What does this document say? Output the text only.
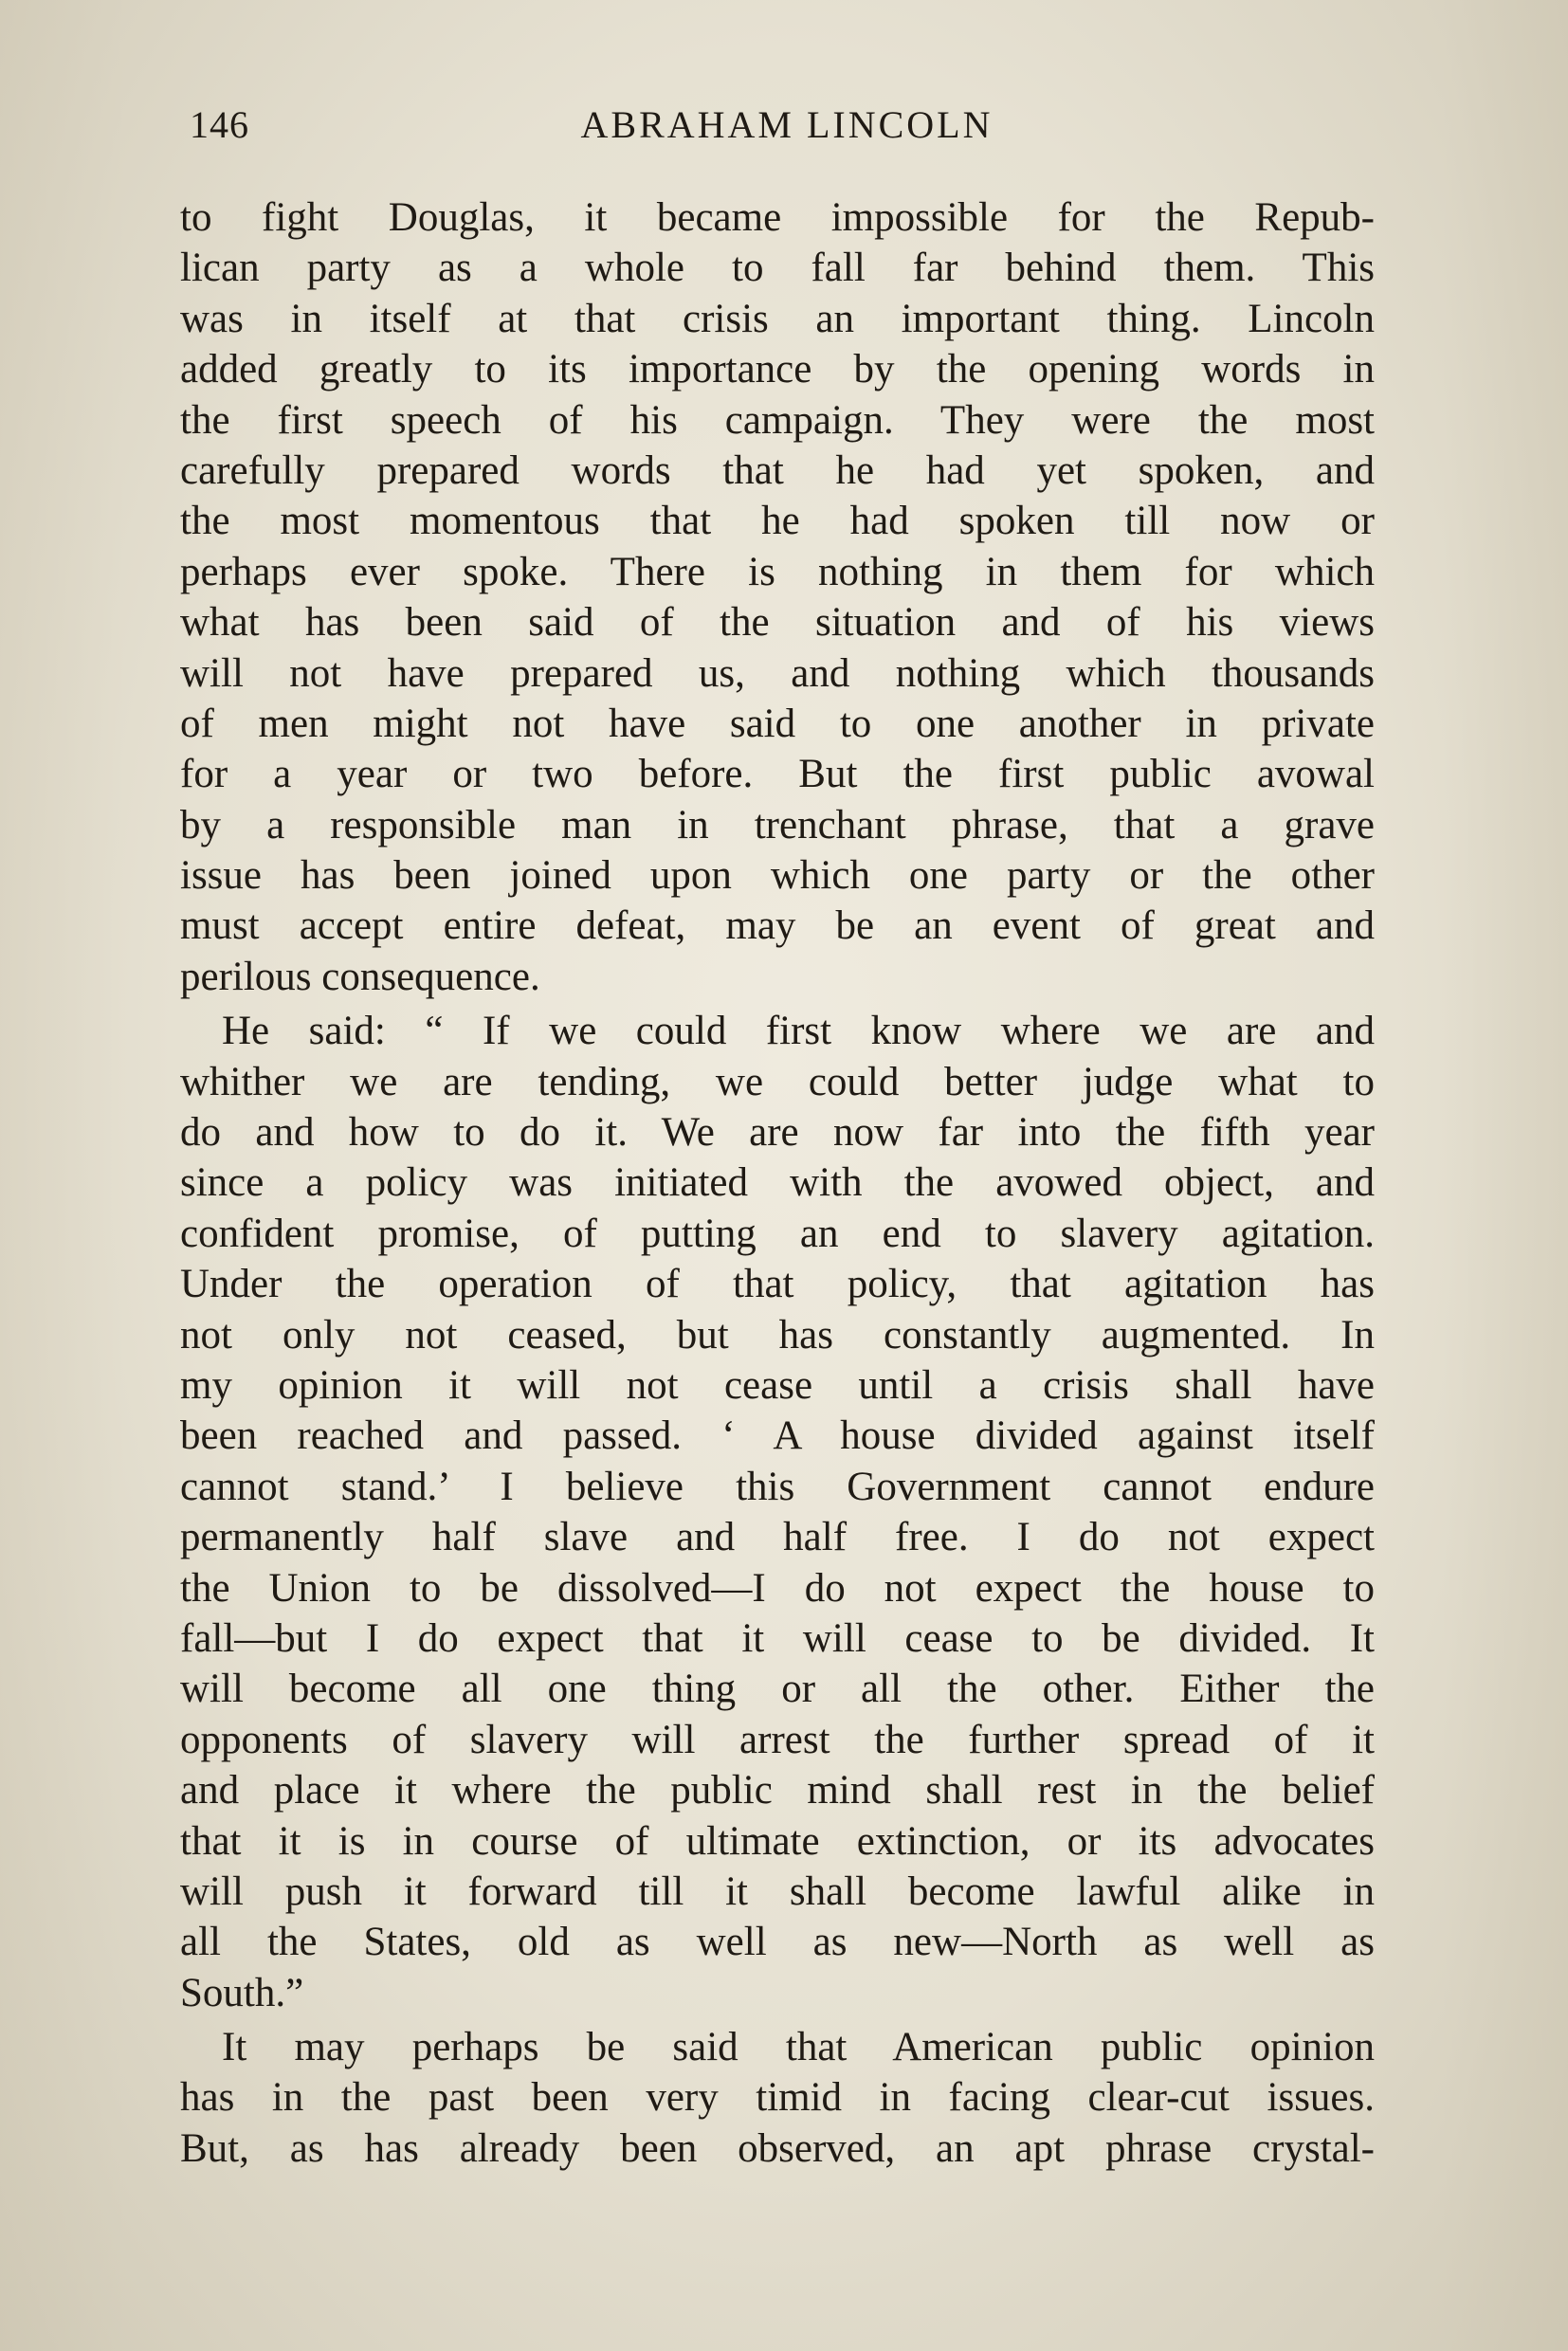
146	ABRAHAM LINCOLN
to fight Douglas, it became impossible for the Repub-
lican party as a whole to fall far behind them. This
was in itself at that crisis an important thing. Lincoln
added greatly to its importance by the opening words in
the first speech of his campaign. They were the most
carefully prepared words that he had yet spoken, and
the most momentous that he had spoken till now or
perhaps ever spoke. There is nothing in them for which
what has been said of the situation and of his views
will not have prepared us, and nothing which thousands
of men might not have said to one another in private
for a year or two before. But the first public avowal
by a responsible man in trenchant phrase, that a grave
issue has been joined upon which one party or the other
must accept entire defeat, may be an event of great and
perilous consequence.
He said: “ If we could first know where we are and
whither we are tending, we could better judge what to
do and how to do it. We are now far into the fifth year
since a policy was initiated with the avowed object, and
confident promise, of putting an end to slavery agitation.
Under the operation of that policy, that agitation has
not only not ceased, but has constantly augmented. In
my opinion it will not cease until a crisis shall have
been reached and passed. ‘ A house divided against itself
cannot stand.’ I believe this Government cannot endure
permanently half slave and half free. I do not expect
the Union to be dissolved—I do not expect the house to
fall—but I do expect that it will cease to be divided. It
will become all one thing or all the other. Either the
opponents of slavery will arrest the further spread of it
and place it where the public mind shall rest in the belief
that it is in course of ultimate extinction, or its advocates
will push it forward till it shall become lawful alike in
all the States, old as well as new—North as well as
South.”
It may perhaps be said that American public opinion
has in the past been very timid in facing clear-cut issues.
But, as has already been observed, an apt phrase crystal-
